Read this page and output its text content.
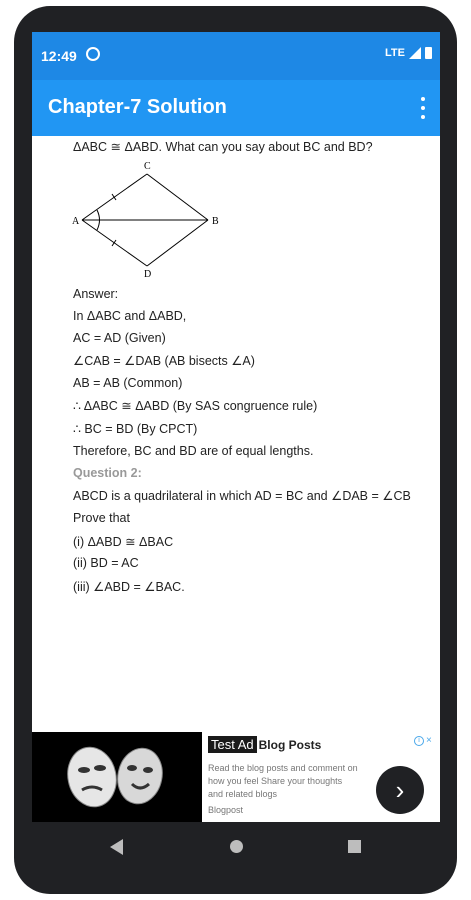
12:49	LTE
Chapter-7 Solution
ΔABC ≅ ΔABD. What can you say about BC and BD?
C
A	B
D
Answer:
In ΔABC and ΔABD,
AC = AD (Given)
∠CAB = ∠DAB (AB bisects ∠A)
AB = AB (Common)
∴ ΔABC ≅ ΔABD (By SAS congruence rule)
∴ BC = BD (By CPCT)
Therefore, BC and BD are of equal lengths.
Question 2:
ABCD is a quadrilateral in which AD = BC and ∠DAB = ∠CB
Prove that
(i) ΔABD ≅ ΔBAC
(ii) BD = AC
(iii) ∠ABD = ∠BAC.
Test Ad Blog Posts
Read the blog posts and comment on how you feel Share your thoughts and related blogs
Blogpost
i ×
›
